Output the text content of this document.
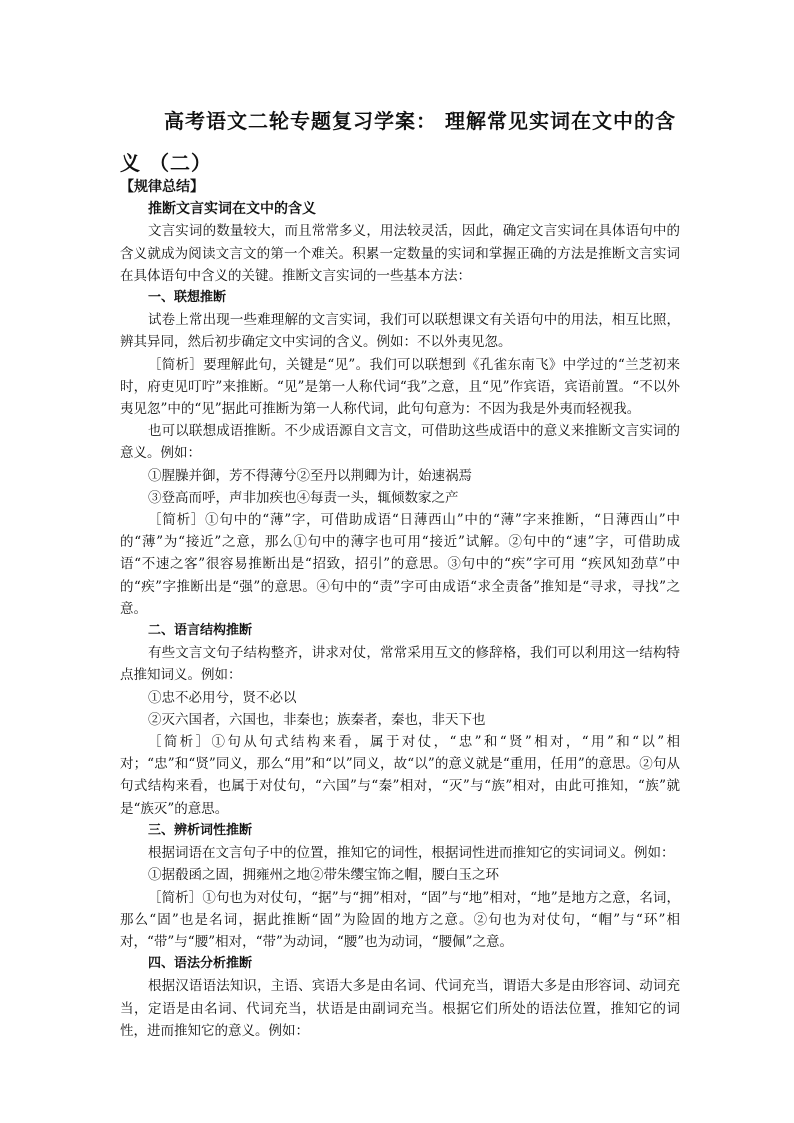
高考语文二轮专题复习学案： 理解常见实词在文中的含义 （二）

【规律总结】

推断文言实词在文中的含义

文言实词的数量较大，而且常常多义，用法较灵活，因此，确定文言实词在具体语句中的含义就成为阅读文言文的第一个难关。积累一定数量的实词和掌握正确的方法是推断文言实词在具体语句中含义的关键。推断文言实词的一些基本方法：

一、联想推断

试卷上常出现一些难理解的文言实词，我们可以联想课文有关语句中的用法，相互比照，辨其异同，然后初步确定文中实词的含义。例如：不以外夷见忽。

［简析］要理解此句，关键是“见”。我们可以联想到《孔雀东南飞》中学过的“兰芝初来时，府吏见叮咛”来推断。“见”是第一人称代词“我”之意，且“见”作宾语，宾语前置。“不以外夷见忽”中的“见”据此可推断为第一人称代词，此句句意为：不因为我是外夷而轻视我。

也可以联想成语推断。不少成语源自文言文，可借助这些成语中的意义来推断文言实词的意义。例如：

①腥臊并御，芳不得薄兮②至丹以荆卿为计，始速祸焉

③登高而呼，声非加疾也④每责一头，辄倾数家之产

［简析］①句中的“薄”字，可借助成语“日薄西山”中的“薄”字来推断，“日薄西山”中的“薄”为“接近”之意，那么①句中的薄字也可用“接近”试解。②句中的“速”字，可借助成语“不速之客”很容易推断出是“招致，招引”的意思。③句中的“疾”字可用 “疾风知劲草”中的“疾”字推断出是“强”的意思。④句中的“责”字可由成语“求全责备”推知是“寻求，寻找”之意。

二、语言结构推断

有些文言文句子结构整齐，讲求对仗，常常采用互文的修辞格，我们可以利用这一结构特点推知词义。例如：

①忠不必用兮，贤不必以

②灭六国者，六国也，非秦也；族秦者，秦也，非天下也

［简析］①句从句式结构来看，属于对仗，“忠”和“贤”相对，“用”和“以”相对；“忠”和“贤”同义，那么“用”和“以”同义，故“以”的意义就是“重用，任用”的意思。②句从句式结构来看，也属于对仗句，“六国”与“秦”相对，“灭”与“族”相对，由此可推知，“族”就是“族灭”的意思。

三、辨析词性推断

根据词语在文言句子中的位置，推知它的词性，根据词性进而推知它的实词词义。例如：

①据殽函之固，拥雍州之地②带朱缨宝饰之帽，腰白玉之环

［简析］①句也为对仗句，“据”与“拥”相对，“固”与“地”相对，“地”是地方之意，名词，那么“固”也是名词，据此推断“固”为险固的地方之意。②句也为对仗句，“帽”与“环”相对，“带”与“腰”相对，“带”为动词，“腰”也为动词，“腰佩”之意。

四、语法分析推断

根据汉语语法知识，主语、宾语大多是由名词、代词充当，谓语大多是由形容词、动词充当，定语是由名词、代词充当，状语是由副词充当。根据它们所处的语法位置，推知它的词性，进而推知它的意义。例如：
